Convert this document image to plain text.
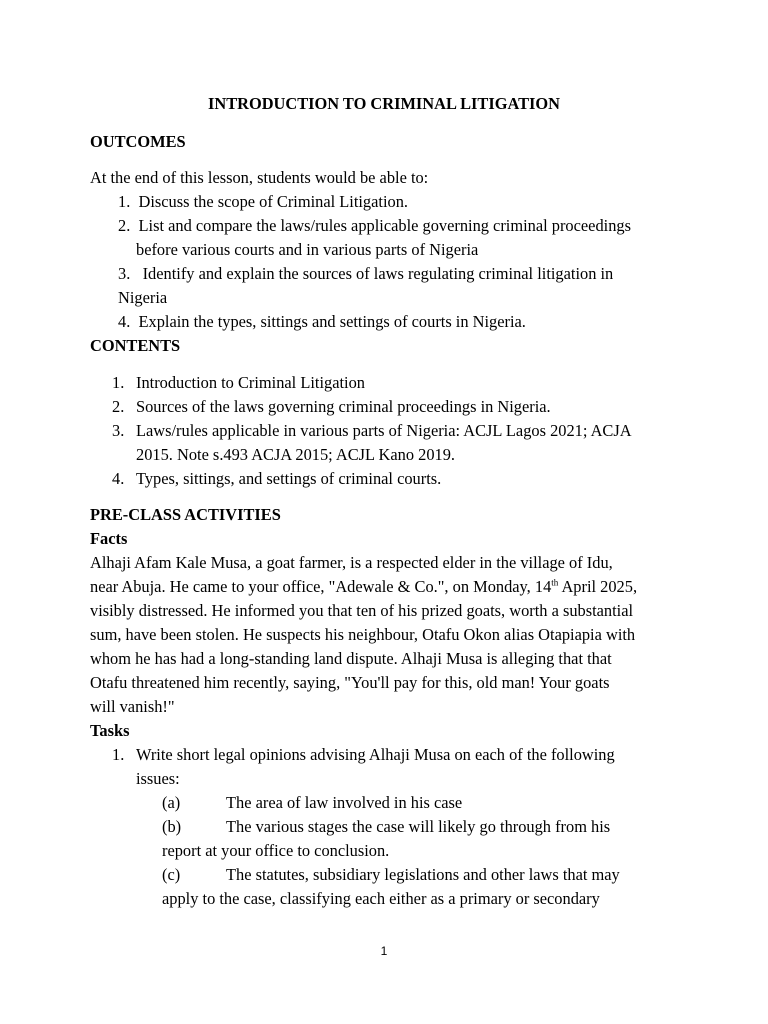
INTRODUCTION TO CRIMINAL LITIGATION
OUTCOMES
At the end of this lesson, students would be able to:
1. Discuss the scope of Criminal Litigation.
2. List and compare the laws/rules applicable governing criminal proceedings
before various courts and in various parts of Nigeria
3. Identify and explain the sources of laws regulating criminal litigation in
Nigeria
4. Explain the types, sittings and settings of courts in Nigeria.
CONTENTS
1. Introduction to Criminal Litigation
2. Sources of the laws governing criminal proceedings in Nigeria.
3. Laws/rules applicable in various parts of Nigeria: ACJL Lagos 2021; ACJA
2015. Note s.493 ACJA 2015; ACJL Kano 2019.
4. Types, sittings, and settings of criminal courts.
PRE-CLASS ACTIVITIES
Facts
Alhaji Afam Kale Musa, a goat farmer, is a respected elder in the village of Idu,
near Abuja. He came to your office, "Adewale & Co.", on Monday, 14th April 2025,
visibly distressed. He informed you that ten of his prized goats, worth a substantial
sum, have been stolen. He suspects his neighbour, Otafu Okon alias Otapiapia with
whom he has had a long-standing land dispute. Alhaji Musa is alleging that that
Otafu threatened him recently, saying, "You'll pay for this, old man! Your goats
will vanish!"
Tasks
1. Write short legal opinions advising Alhaji Musa on each of the following
issues:
(a)	The area of law involved in his case
(b)	The various stages the case will likely go through from his
report at your office to conclusion.
(c)	The statutes, subsidiary legislations and other laws that may
apply to the case, classifying each either as a primary or secondary
1
